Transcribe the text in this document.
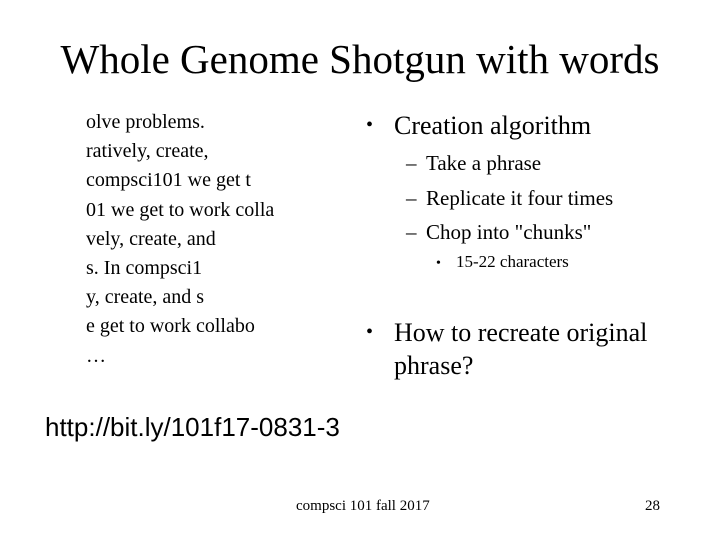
Whole Genome Shotgun with words
olve problems.
ratively, create,
compsci101 we get t
01 we get to work colla
vely, create, and
s. In compsci1
y, create, and s
e get to work collabo
…
• Creation algorithm
– Take a phrase
– Replicate it four times
– Chop into "chunks"
• 15-22 characters
• How to recreate original
phrase?
http://bit.ly/101f17-0831-3
compsci 101 fall 2017	28
